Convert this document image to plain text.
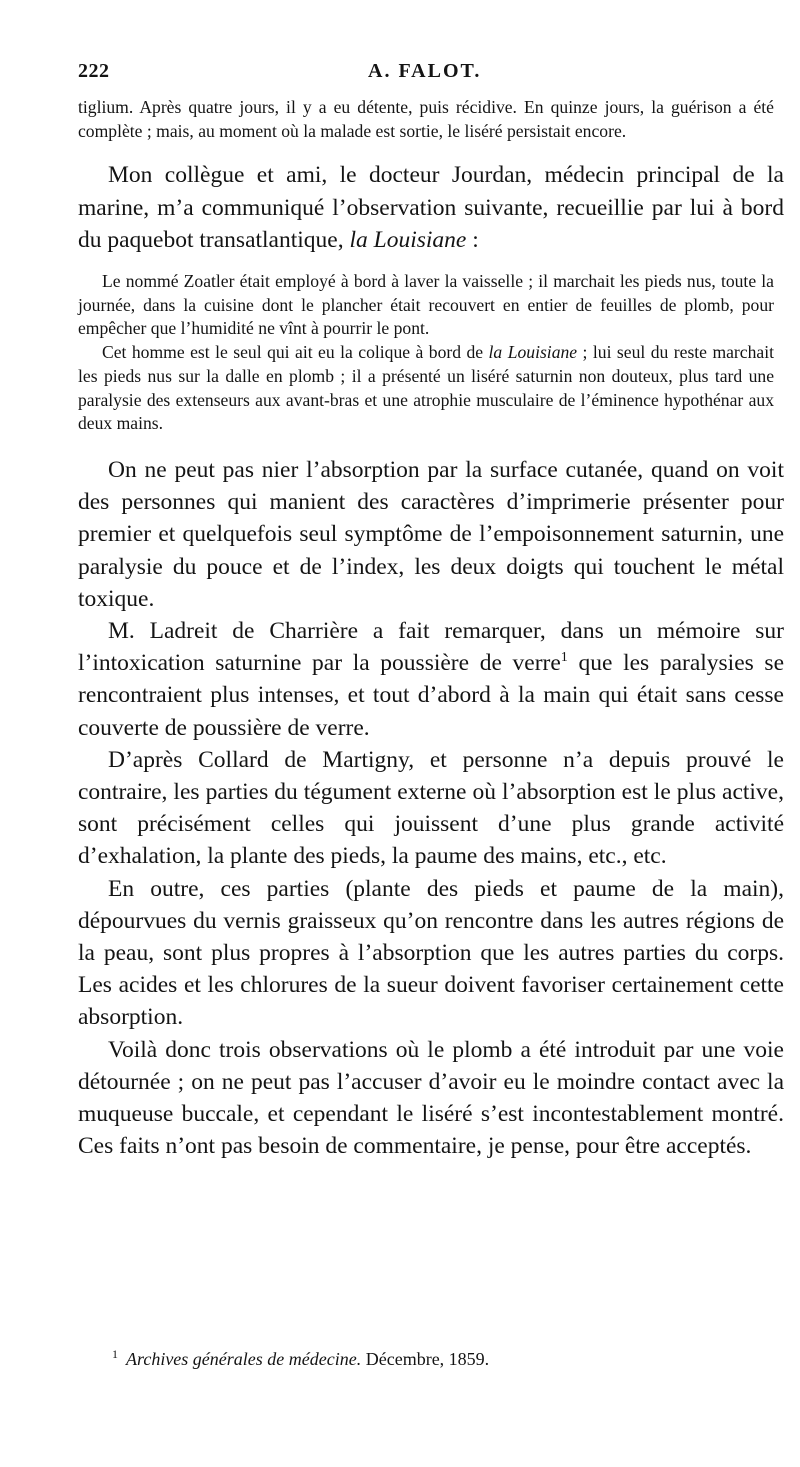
222	A. FALOT.

tiglium. Après quatre jours, il y a eu détente, puis récidive. En quinze jours, la guérison a été complète ; mais, au moment où la malade est sortie, le liséré persistait encore.

Mon collègue et ami, le docteur Jourdan, médecin principal de la marine, m’a communiqué l’observation suivante, recueillie par lui à bord du paquebot transatlantique, la Louisiane :

Le nommé Zoatler était employé à bord à laver la vaisselle ; il marchait les pieds nus, toute la journée, dans la cuisine dont le plancher était recouvert en entier de feuilles de plomb, pour empêcher que l’humidité ne vînt à pourrir le pont.

Cet homme est le seul qui ait eu la colique à bord de la Louisiane ; lui seul du reste marchait les pieds nus sur la dalle en plomb ; il a présenté un liséré saturnin non douteux, plus tard une paralysie des extenseurs aux avant-bras et une atrophie musculaire de l’éminence hypothénar aux deux mains.

On ne peut pas nier l’absorption par la surface cutanée, quand on voit des personnes qui manient des caractères d’imprimerie présenter pour premier et quelquefois seul symptôme de l’empoisonnement saturnin, une paralysie du pouce et de l’index, les deux doigts qui touchent le métal toxique.

M. Ladreit de Charrière a fait remarquer, dans un mémoire sur l’intoxication saturnine par la poussière de verre$^1$ que les paralysies se rencontraient plus intenses, et tout d’abord à la main qui était sans cesse couverte de poussière de verre.

D’après Collard de Martigny, et personne n’a depuis prouvé le contraire, les parties du tégument externe où l’absorption est le plus active, sont précisément celles qui jouissent d’une plus grande activité d’exhalation, la plante des pieds, la paume des mains, etc., etc.

En outre, ces parties (plante des pieds et paume de la main), dépourvues du vernis graisseux qu’on rencontre dans les autres régions de la peau, sont plus propres à l’absorption que les autres parties du corps. Les acides et les chlorures de la sueur doivent favoriser certainement cette absorption.

Voilà donc trois observations où le plomb a été introduit par une voie détournée ; on ne peut pas l’accuser d’avoir eu le moindre contact avec la muqueuse buccale, et cependant le liséré s’est incontestablement montré. Ces faits n’ont pas besoin de commentaire, je pense, pour être acceptés.

$^1$ Archives générales de médecine. Décembre, 1859.
